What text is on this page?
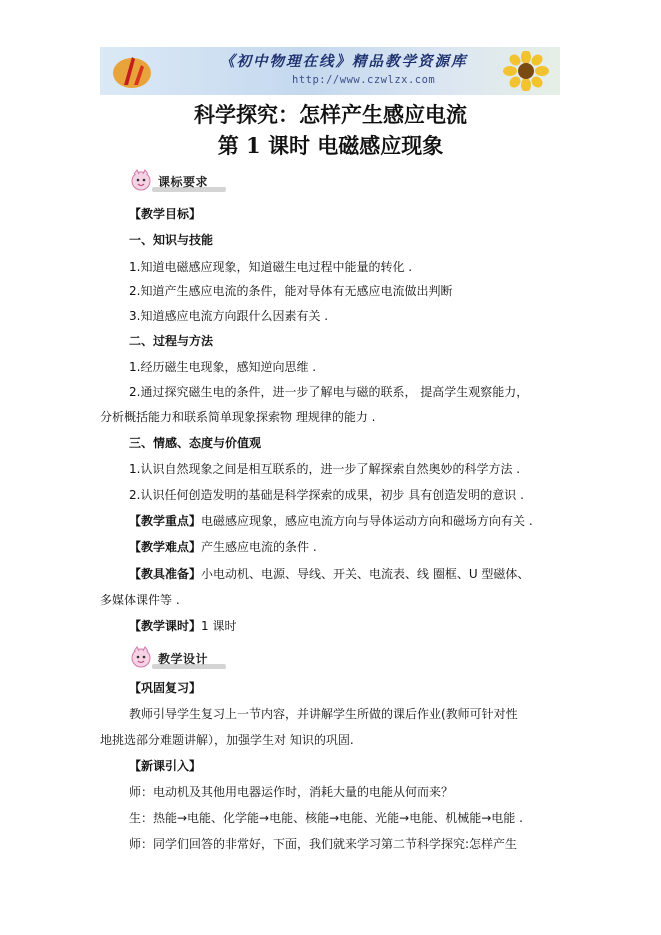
《初中物理在线》精品教学资源库
http://www.czwlzx.com
科学探究：怎样产生感应电流
第 1 课时 电磁感应现象
课标要求
【教学目标】
一、知识与技能
1.知道电磁感应现象，知道磁生电过程中能量的转化 .
2.知道产生感应电流的条件，能对导体有无感应电流做出判断
3.知道感应电流方向跟什么因素有关 .
二、过程与方法
1.经历磁生电现象，感知逆向思维 .
2.通过探究磁生电的条件，进一步了解电与磁的联系， 提高学生观察能力，
分析概括能力和联系简单现象探索物 理规律的能力 .
三、情感、态度与价值观
1.认识自然现象之间是相互联系的，进一步了解探索自然奥妙的科学方法 .
2.认识任何创造发明的基础是科学探索的成果，初步 具有创造发明的意识 .
【教学重点】电磁感应现象，感应电流方向与导体运动方向和磁场方向有关 .
【教学难点】产生感应电流的条件 .
【教具准备】小电动机、电源、导线、开关、电流表、线 圈框、U 型磁体、
多媒体课件等 .
【教学课时】1 课时
教学设计
【巩固复习】
教师引导学生复习上一节内容，并讲解学生所做的课后作业(教师可针对性
地挑选部分难题讲解），加强学生对 知识的巩固.
【新课引入】
师：电动机及其他用电器运作时，消耗大量的电能从何而来？
生：热能→电能、化学能→电能、核能→电能、光能→电能、机械能→电能 .
师：同学们回答的非常好，下面，我们就来学习第二节科学探究:怎样产生
